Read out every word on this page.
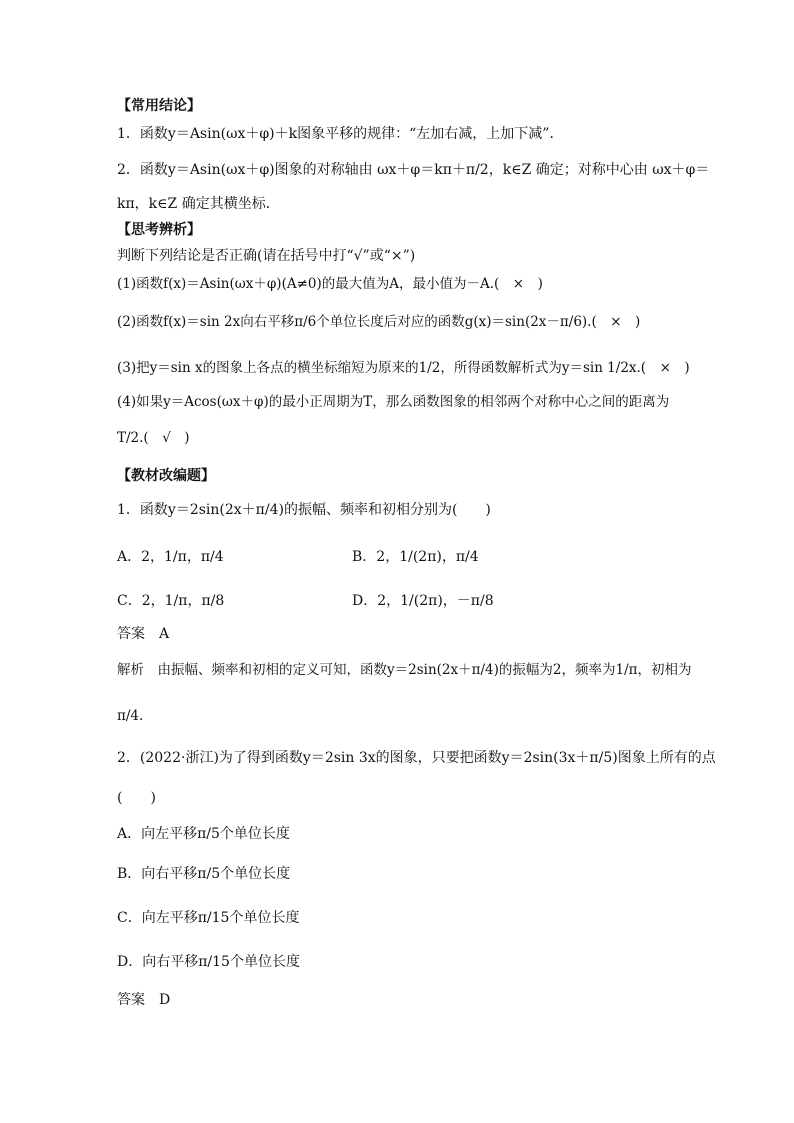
【常用结论】
1．函数y＝Asin(ωx＋φ)＋k图象平移的规律：“左加右减，上加下减”．
2．函数y＝Asin(ωx＋φ)图象的对称轴由 ωx＋φ＝kπ＋π/2，k∈Z 确定；对称中心由 ωx＋φ＝
kπ，k∈Z 确定其横坐标．
【思考辨析】
判断下列结论是否正确(请在括号中打“√”或“×”)
(1)函数f(x)＝Asin(ωx＋φ)(A≠0)的最大值为A，最小值为－A.(　×　)
(2)函数f(x)＝sin 2x向右平移π/6个单位长度后对应的函数g(x)＝sin(2x－π/6).(　×　)
(3)把y＝sin x的图象上各点的横坐标缩短为原来的1/2，所得函数解析式为y＝sin 1/2x.(　×　)
(4)如果y＝Acos(ωx＋φ)的最小正周期为T，那么函数图象的相邻两个对称中心之间的距离为
T/2.(　√　)
【教材改编题】
1．函数y＝2sin(2x＋π/4)的振幅、频率和初相分别为(　　)
A．2，1/π，π/4	B．2，1/(2π)，π/4
C．2，1/π，π/8	D．2，1/(2π)，－π/8
答案　A
解析　由振幅、频率和初相的定义可知，函数y＝2sin(2x＋π/4)的振幅为2，频率为1/π，初相为
π/4.
2．(2022·浙江)为了得到函数y＝2sin 3x的图象，只要把函数y＝2sin(3x＋π/5)图象上所有的点
(　　)
A．向左平移π/5个单位长度
B．向右平移π/5个单位长度
C．向左平移π/15个单位长度
D．向右平移π/15个单位长度
答案　D
